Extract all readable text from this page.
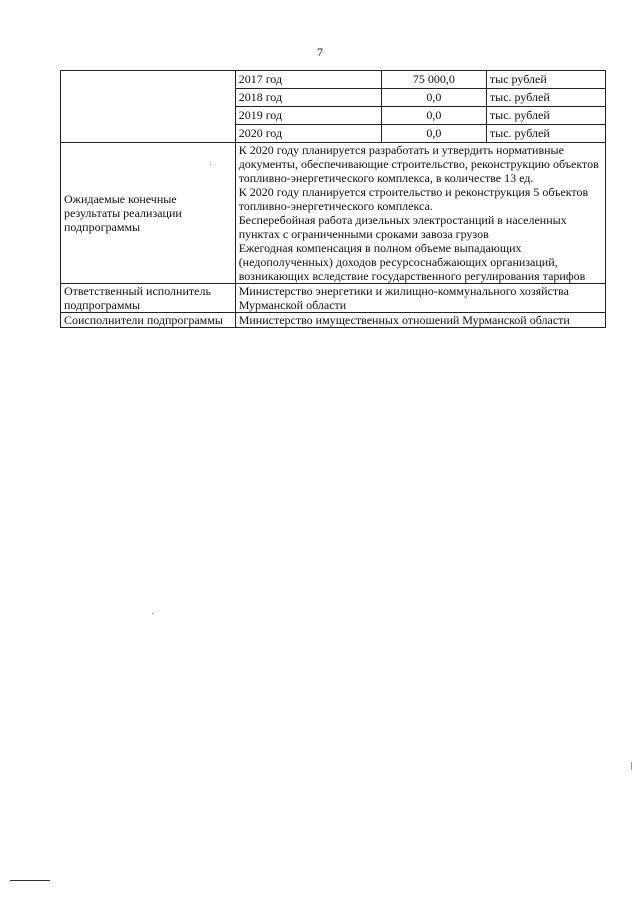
7
	2017 год	75 000,0	тыс рублей
	2018 год	0,0	тыс. рублей
	2019 год	0,0	тыс. рублей
	2020 год	0,0	тыс. рублей
Ожидаемые конечные результаты реализации подпрограммы	К 2020 году планируется разработать и утвердить нормативные документы, обеспечивающие строительство, реконструкцию объектов топливно-энергетического комплекса, в количестве 13 ед.
К 2020 году планируется строительство и реконструкция 5 объектов топливно-энергетического комплекса.
Бесперебойная работа дизельных электростанций в населенных пунктах с ограниченными сроками завоза грузов
Ежегодная компенсация в полном объеме выпадающих (недополученных) доходов ресурсоснабжающих организаций, возникающих вследствие государственного регулирования тарифов		

Ответственный исполнитель подпрограммы	Министерство энергетики и жилищно-коммунального хозяйства Мурманской области		
Соисполнители подпрограммы	Министерство имущественных отношений Мурманской области		
